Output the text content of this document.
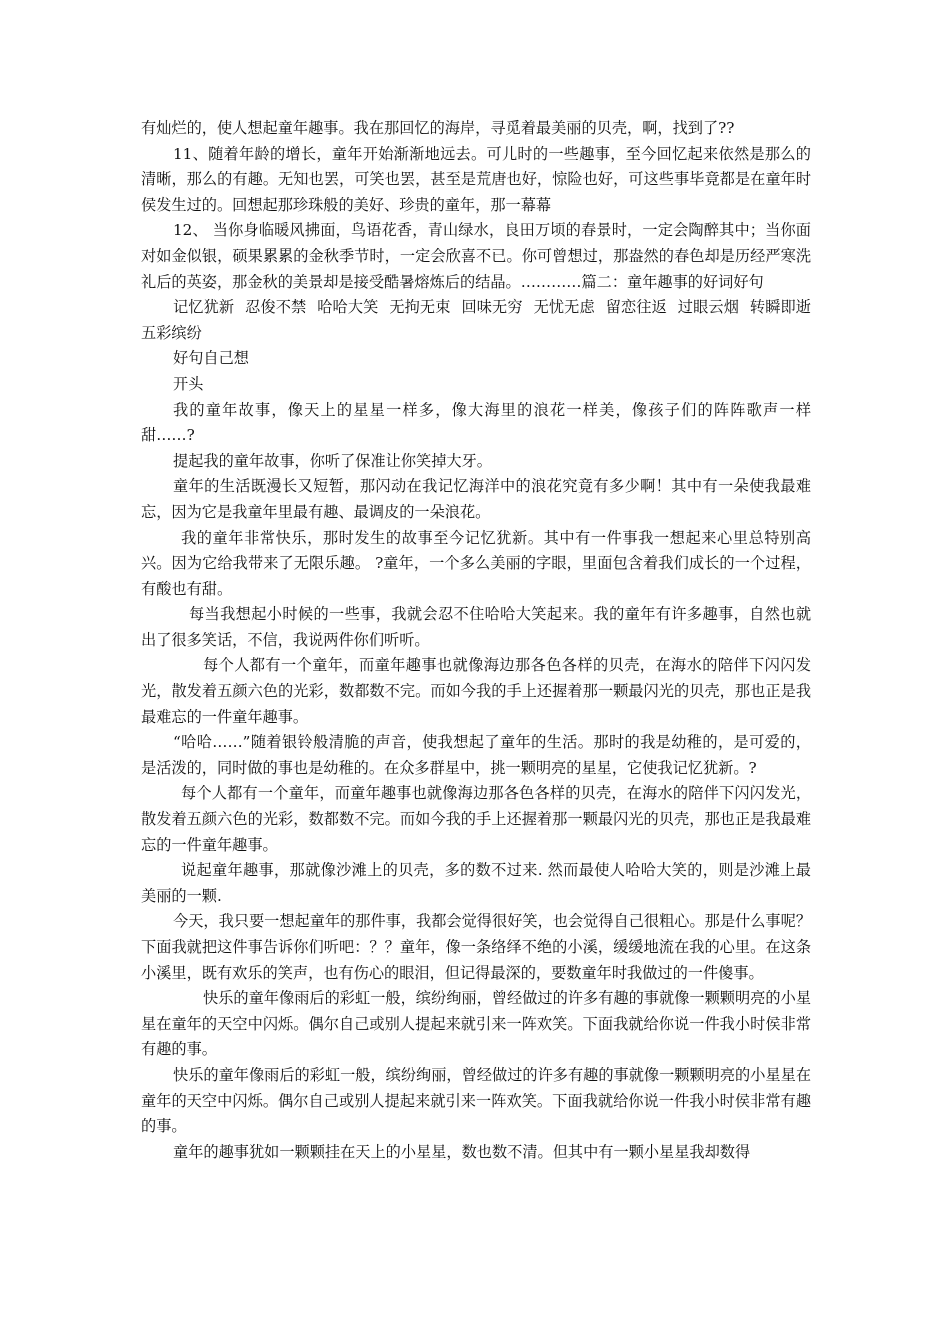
有灿烂的，使人想起童年趣事。我在那回忆的海岸，寻觅着最美丽的贝壳，啊，找到了??

11、随着年龄的增长，童年开始渐渐地远去。可儿时的一些趣事，至今回忆起来依然是那么的清晰，那么的有趣。无知也罢，可笑也罢，甚至是荒唐也好，惊险也好，可这些事毕竟都是在童年时侯发生过的。回想起那珍珠般的美好、珍贵的童年，那一幕幕

12、 当你身临暖风拂面，鸟语花香，青山绿水，良田万顷的春景时，一定会陶醉其中；当你面对如金似银，硕果累累的金秋季节时，一定会欣喜不已。你可曾想过，那盎然的春色却是历经严寒洗礼后的英姿，那金秋的美景却是接受酷暑熔炼后的结晶。…………篇二：童年趣事的好词好句

记忆犹新 忍俊不禁 哈哈大笑 无拘无束 回味无穷 无忧无虑 留恋往返 过眼云烟 转瞬即逝 五彩缤纷

好句自己想

开头

我的童年故事，像天上的星星一样多，像大海里的浪花一样美，像孩子们的阵阵歌声一样甜……?

提起我的童年故事，你听了保准让你笑掉大牙。

童年的生活既漫长又短暂，那闪动在我记忆海洋中的浪花究竟有多少啊！其中有一朵使我最难忘，因为它是我童年里最有趣、最调皮的一朵浪花。

我的童年非常快乐，那时发生的故事至今记忆犹新。其中有一件事我一想起来心里总特别高兴。因为它给我带来了无限乐趣。 ?童年，一个多么美丽的字眼，里面包含着我们成长的一个过程，有酸也有甜。

每当我想起小时候的一些事，我就会忍不住哈哈大笑起来。我的童年有许多趣事，自然也就出了很多笑话，不信，我说两件你们听听。

每个人都有一个童年，而童年趣事也就像海边那各色各样的贝壳，在海水的陪伴下闪闪发光，散发着五颜六色的光彩，数都数不完。而如今我的手上还握着那一颗最闪光的贝壳，那也正是我最难忘的一件童年趣事。

“哈哈……”随着银铃般清脆的声音，使我想起了童年的生活。那时的我是幼稚的，是可爱的，是活泼的，同时做的事也是幼稚的。在众多群星中，挑一颗明亮的星星，它使我记忆犹新。?

每个人都有一个童年，而童年趣事也就像海边那各色各样的贝壳，在海水的陪伴下闪闪发光，散发着五颜六色的光彩，数都数不完。而如今我的手上还握着那一颗最闪光的贝壳，那也正是我最难忘的一件童年趣事。

说起童年趣事，那就像沙滩上的贝壳，多的数不过来. 然而最使人哈哈大笑的，则是沙滩上最美丽的一颗.

今天，我只要一想起童年的那件事，我都会觉得很好笑，也会觉得自己很粗心。那是什么事呢？下面我就把这件事告诉你们听吧：？？童年，像一条络绎不绝的小溪，缓缓地流在我的心里。在这条小溪里，既有欢乐的笑声，也有伤心的眼泪，但记得最深的，要数童年时我做过的一件傻事。

快乐的童年像雨后的彩虹一般，缤纷绚丽，曾经做过的许多有趣的事就像一颗颗明亮的小星星在童年的天空中闪烁。偶尔自己或别人提起来就引来一阵欢笑。下面我就给你说一件我小时侯非常有趣的事。

快乐的童年像雨后的彩虹一般，缤纷绚丽，曾经做过的许多有趣的事就像一颗颗明亮的小星星在童年的天空中闪烁。偶尔自己或别人提起来就引来一阵欢笑。下面我就给你说一件我小时侯非常有趣的事。

童年的趣事犹如一颗颗挂在天上的小星星，数也数不清。但其中有一颗小星星我却数得
